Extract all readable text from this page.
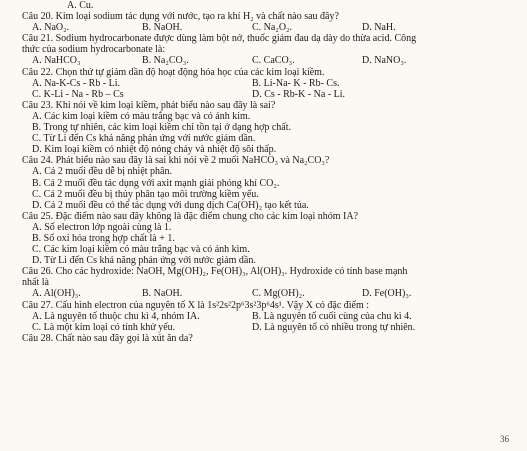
A. Cu.
Câu 20. Kim loại sodium tác dụng với nước, tạo ra khí H₂ và chất nào sau đây?
A. NaO₂.	B. NaOH.	C. Na₂O₂.	D. NaH.
Câu 21. Sodium hydrocarbonate được dùng làm bột nở, thuốc giảm đau dạ dày do thừa acid. Công
thức của sodium hydrocarbonate là:
A. NaHCO₃	B. Na₂CO₃.	C. CaCO₃.	D. NaNO₃.
Câu 22. Chọn thứ tự giảm dần độ hoạt động hóa học của các kim loại kiềm.
A. Na-K-Cs - Rb - Li.	B. Li-Na- K - Rb- Cs.
C. K-Li - Na - Rb – Cs	D. Cs - Rb-K - Na - Li.
Câu 23. Khi nói về kim loại kiềm, phát biểu nào sau đây là sai?
A. Các kim loại kiềm có màu trắng bạc và có ánh kim.
B. Trong tự nhiên, các kim loại kiềm chỉ tồn tại ở dạng hợp chất.
C. Từ Li đến Cs khả năng phản ứng với nước giảm dần.
D. Kim loại kiềm có nhiệt độ nóng chảy và nhiệt độ sôi thấp.
Câu 24. Phát biểu nào sau đây là sai khi nói về 2 muối NaHCO₃ và Na₂CO₃?
A. Cả 2 muối đều dễ bị nhiệt phân.
B. Cả 2 muối đều tác dụng với axit mạnh giải phóng khí CO₂.
C. Cả 2 muối đều bị thủy phân tạo môi trường kiềm yếu.
D. Cả 2 muối đều có thể tác dụng với dung dịch Ca(OH)₂ tạo kết tủa.
Câu 25. Đặc điểm nào sau đây không là đặc điểm chung cho các kim loại nhóm IA?
A. Số electron lớp ngoài cùng là 1.
B. Số oxi hóa trong hợp chất là + 1.
C. Các kim loại kiềm có màu trắng bạc và có ánh kim.
D. Từ Li đến Cs khả năng phản ứng với nước giảm dần.
Câu 26. Cho các hydroxide: NaOH, Mg(OH)₂, Fe(OH)₃, Al(OH)₃. Hydroxide có tính base mạnh
nhất là
A. Al(OH)₃.	B. NaOH.	C. Mg(OH)₂.	D. Fe(OH)₃.
Câu 27. Cấu hình electron của nguyên tố X là 1s²2s²2p⁶3s²3p⁶4s¹. Vậy X có đặc điểm :
A. Là nguyên tố thuộc chu kì 4, nhóm IA.	B. Là nguyên tố cuối cùng của chu kì 4.
C. Là một kim loại có tính khử yếu.	D. Là nguyên tố có nhiều trong tự nhiên.
Câu 28. Chất nào sau đây gọi là xút ăn da?
36
